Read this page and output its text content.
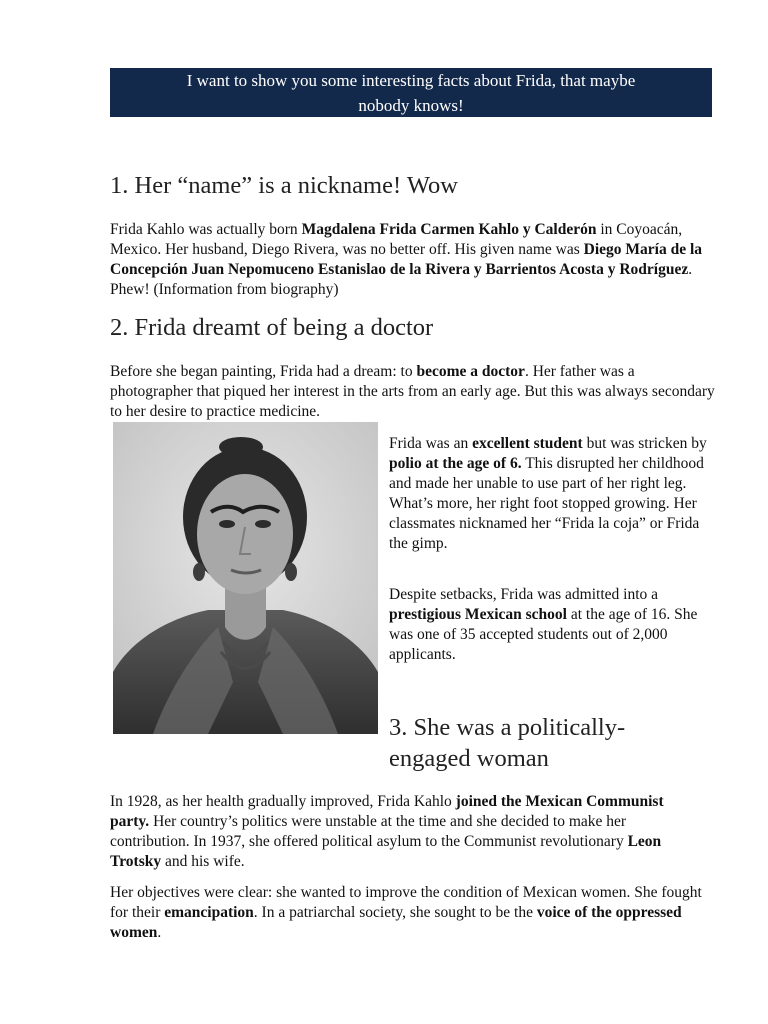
I want to show you some interesting facts about Frida, that maybe
nobody knows!
1. Her “name” is a nickname! Wow

Frida Kahlo was actually born Magdalena Frida Carmen Kahlo y Calderón in Coyoacán, Mexico. Her husband, Diego Rivera, was no better off. His given name was Diego María de la Concepción Juan Nepomuceno Estanislao de la Rivera y Barrientos Acosta y Rodríguez. Phew! (Information from biography)

2. Frida dreamt of being a doctor

Before she began painting, Frida had a dream: to become a doctor. Her father was a photographer that piqued her interest in the arts from an early age. But this was always secondary to her desire to practice medicine.

Frida was an excellent student but was stricken by polio at the age of 6. This disrupted her childhood and made her unable to use part of her right leg. What’s more, her right foot stopped growing. Her classmates nicknamed her “Frida la coja” or Frida the gimp.

Despite setbacks, Frida was admitted into a prestigious Mexican school at the age of 16. She was one of 35 accepted students out of 2,000 applicants.

3. She was a politically-
engaged woman

In 1928, as her health gradually improved, Frida Kahlo joined the Mexican Communist party. Her country’s politics were unstable at the time and she decided to make her contribution. In 1937, she offered political asylum to the Communist revolutionary Leon Trotsky and his wife.

Her objectives were clear: she wanted to improve the condition of Mexican women. She fought for their emancipation. In a patriarchal society, she sought to be the voice of the oppressed women.
